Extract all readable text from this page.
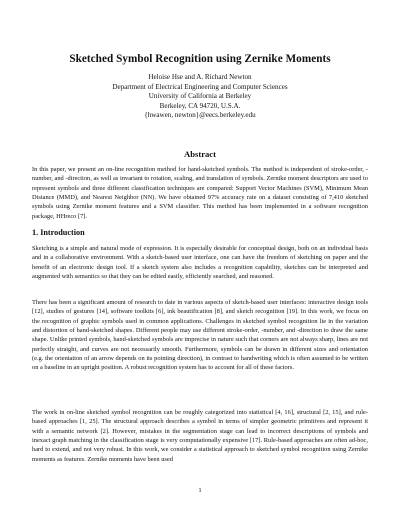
Sketched Symbol Recognition using Zernike Moments
Heloise Hse and A. Richard Newton
Department of Electrical Engineering and Computer Sciences
University of California at Berkeley
Berkeley, CA 94720, U.S.A.
{hwawen, newton}@eecs.berkeley.edu
Abstract

In this paper, we present an on-line recognition method for hand-sketched symbols. The method is independent of stroke-order, -number, and -direction, as well as invariant to rotation, scaling, and translation of symbols. Zernike moment descriptors are used to represent symbols and three different classification techniques are compared: Support Vector Machines (SVM), Minimum Mean Distance (MMD), and Nearest Neighbor (NN). We have obtained 97% accuracy rate on a dataset consisting of 7,410 sketched symbols using Zernike moment features and a SVM classifier. This method has been implemented in a software recognition package, HHreco [7].

1. Introduction

Sketching is a simple and natural mode of expression. It is especially desirable for conceptual design, both on an individual basis and in a collaborative environment. With a sketch-based user interface, one can have the freedom of sketching on paper and the benefit of an electronic design tool. If a sketch system also includes a recognition capability, sketches can be interpreted and augmented with semantics so that they can be edited easily, efficiently searched, and reasoned.

There has been a significant amount of research to date in various aspects of sketch-based user interfaces: interactive design tools [12], studies of gestures [14], software toolkits [6], ink beautification [8], and sketch recognition [19]. In this work, we focus on the recognition of graphic symbols used in common applications. Challenges in sketched symbol recognition lie in the variation and distortion of hand-sketched shapes. Different people may use different stroke-order, -number, and -direction to draw the same shape. Unlike printed symbols, hand-sketched symbols are imprecise in nature such that corners are not always sharp, lines are not perfectly straight, and curves are not necessarily smooth. Furthermore, symbols can be drawn in different sizes and orientation (e.g. the orientation of an arrow depends on its pointing direction), in contrast to handwriting which is often assumed to be written on a baseline in an upright position. A robust recognition system has to account for all of these factors.

The work in on-line sketched symbol recognition can be roughly categorized into statistical [4, 16], structural [2, 15], and rule-based approaches [1, 25]. The structural approach describes a symbol in terms of simpler geometric primitives and represent it with a semantic network [2]. However, mistakes in the segmentation stage can lead to incorrect descriptions of symbols and inexact graph matching in the classification stage is very computationally expensive [17]. Rule-based approaches are often ad-hoc, hard to extend, and not very robust. In this work, we consider a statistical approach to sketched symbol recognition using Zernike moments as features. Zernike moments have been used

1
